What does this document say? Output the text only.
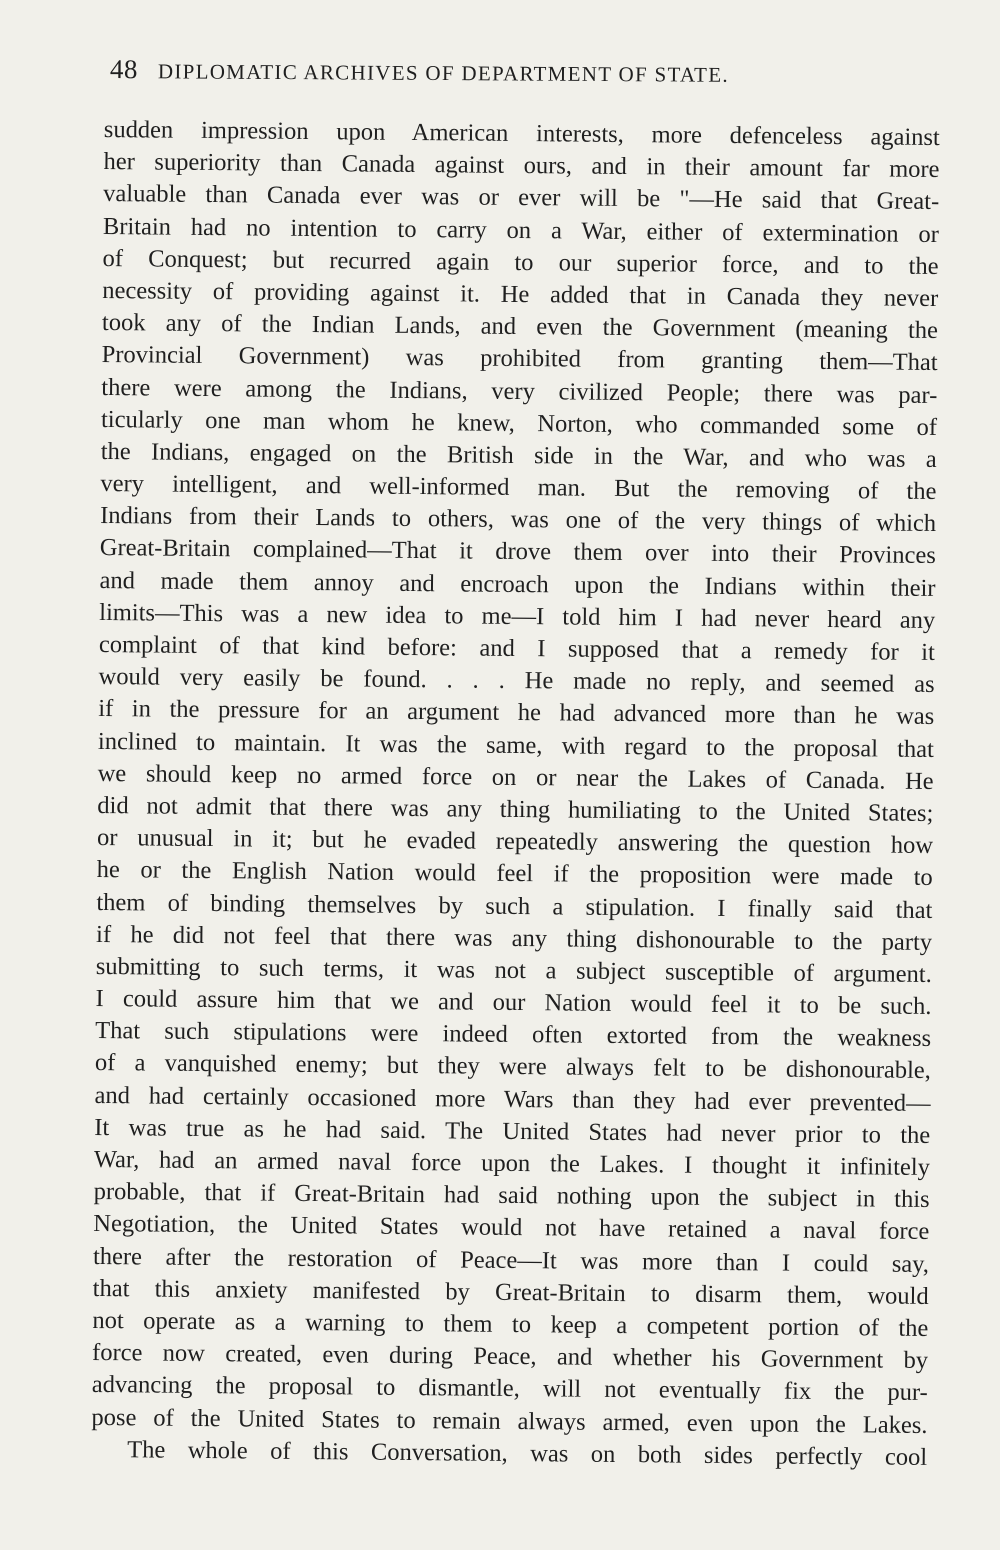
48 DIPLOMATIC ARCHIVES OF DEPARTMENT OF STATE.
sudden impression upon American interests, more defenceless against
her superiority than Canada against ours, and in their amount far more
valuable than Canada ever was or ever will be "—He said that Great-
Britain had no intention to carry on a War, either of extermination or
of Conquest; but recurred again to our superior force, and to the
necessity of providing against it. He added that in Canada they never
took any of the Indian Lands, and even the Government (meaning the
Provincial Government) was prohibited from granting them—That
there were among the Indians, very civilized People; there was par-
ticularly one man whom he knew, Norton, who commanded some of
the Indians, engaged on the British side in the War, and who was a
very intelligent, and well-informed man. But the removing of the
Indians from their Lands to others, was one of the very things of which
Great-Britain complained—That it drove them over into their Provinces
and made them annoy and encroach upon the Indians within their
limits—This was a new idea to me—I told him I had never heard any
complaint of that kind before: and I supposed that a remedy for it
would very easily be found. . . . He made no reply, and seemed as
if in the pressure for an argument he had advanced more than he was
inclined to maintain. It was the same, with regard to the proposal that
we should keep no armed force on or near the Lakes of Canada. He
did not admit that there was any thing humiliating to the United States;
or unusual in it; but he evaded repeatedly answering the question how
he or the English Nation would feel if the proposition were made to
them of binding themselves by such a stipulation. I finally said that
if he did not feel that there was any thing dishonourable to the party
submitting to such terms, it was not a subject susceptible of argument.
I could assure him that we and our Nation would feel it to be such.
That such stipulations were indeed often extorted from the weakness
of a vanquished enemy; but they were always felt to be dishonourable,
and had certainly occasioned more Wars than they had ever prevented—
It was true as he had said. The United States had never prior to the
War, had an armed naval force upon the Lakes. I thought it infinitely
probable, that if Great-Britain had said nothing upon the subject in this
Negotiation, the United States would not have retained a naval force
there after the restoration of Peace—It was more than I could say,
that this anxiety manifested by Great-Britain to disarm them, would
not operate as a warning to them to keep a competent portion of the
force now created, even during Peace, and whether his Government by
advancing the proposal to dismantle, will not eventually fix the pur-
pose of the United States to remain always armed, even upon the Lakes.
The whole of this Conversation, was on both sides perfectly cool
